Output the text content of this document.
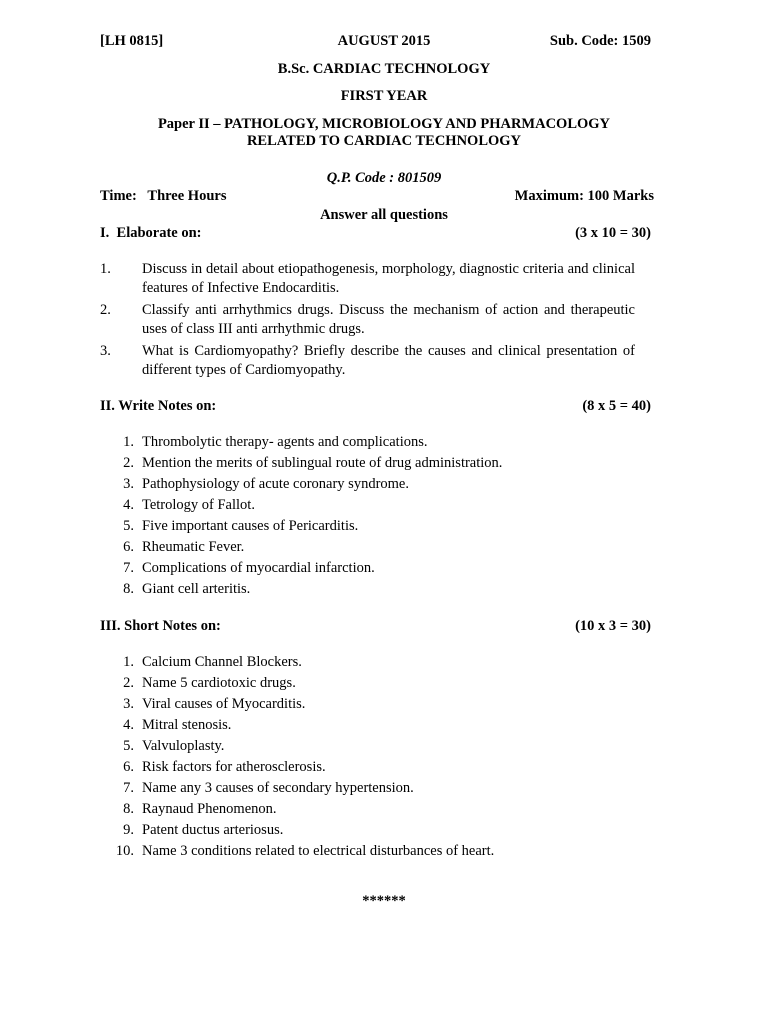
[LH 0815]	AUGUST 2015	Sub. Code: 1509
B.Sc. CARDIAC TECHNOLOGY
FIRST YEAR
Paper II – PATHOLOGY, MICROBIOLOGY AND PHARMACOLOGY
RELATED TO CARDIAC TECHNOLOGY
Q.P. Code : 801509
Time:   Three Hours	Maximum: 100 Marks
Answer all questions
I.  Elaborate on:	(3 x 10 = 30)
1.	Discuss in detail about etiopathogenesis, morphology, diagnostic criteria and clinical features of Infective Endocarditis.
2.	Classify anti arrhythmics drugs. Discuss the mechanism of action and therapeutic uses of class III anti arrhythmic drugs.
3.	What is Cardiomyopathy? Briefly describe the causes and clinical presentation of different types of Cardiomyopathy.
II. Write Notes on:	(8 x 5 = 40)
1. Thrombolytic therapy- agents and complications.
2. Mention the merits of sublingual route of drug administration.
3. Pathophysiology of acute coronary syndrome.
4. Tetrology of Fallot.
5. Five important causes of Pericarditis.
6. Rheumatic Fever.
7. Complications of myocardial infarction.
8. Giant cell arteritis.
III. Short Notes on:	(10 x 3 = 30)
1. Calcium Channel Blockers.
2. Name 5 cardiotoxic drugs.
3. Viral causes of Myocarditis.
4. Mitral stenosis.
5. Valvuloplasty.
6. Risk factors for atherosclerosis.
7. Name any 3 causes of secondary hypertension.
8. Raynaud Phenomenon.
9. Patent ductus arteriosus.
10. Name 3 conditions related to electrical disturbances of heart.
******
